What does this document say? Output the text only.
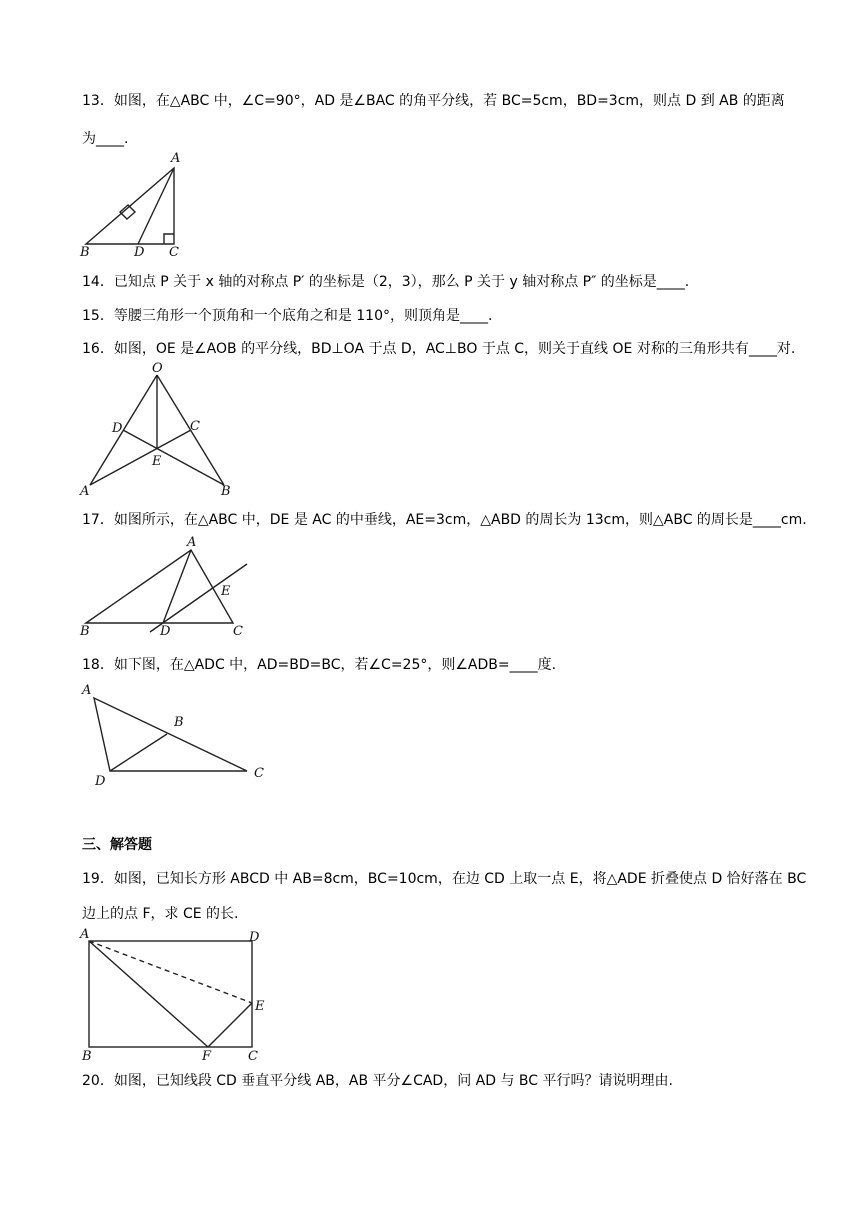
13．如图，在△ABC 中，∠C=90°，AD 是∠BAC 的角平分线，若 BC=5cm，BD=3cm，则点 D 到 AB 的距离
为____.
A
B	D C
14．已知点 P 关于 x 轴的对称点 P′ 的坐标是（2，3），那么 P 关于 y 轴对称点 P″ 的坐标是____.
15．等腰三角形一个顶角和一个底角之和是 110°，则顶角是____.
16．如图，OE 是∠AOB 的平分线，BD⊥OA 于点 D，AC⊥BO 于点 C，则关于直线 OE 对称的三角形共有____对.
O
D	C
E
A	B
17．如图所示，在△ABC 中，DE 是 AC 的中垂线，AE=3cm，△ABD 的周长为 13cm，则△ABC 的周长是____cm.
A
E
B	D	C
18．如下图，在△ADC 中，AD=BD=BC，若∠C=25°，则∠ADB=____度.
A
B
D
C
三、解答题
19．如图，已知长方形 ABCD 中 AB=8cm，BC=10cm，在边 CD 上取一点 E，将△ADE 折叠使点 D 恰好落在 BC
边上的点 F，求 CE 的长.
A	D
E
B	F	C
20．如图，已知线段 CD 垂直平分线 AB，AB 平分∠CAD，问 AD 与 BC 平行吗？请说明理由.
